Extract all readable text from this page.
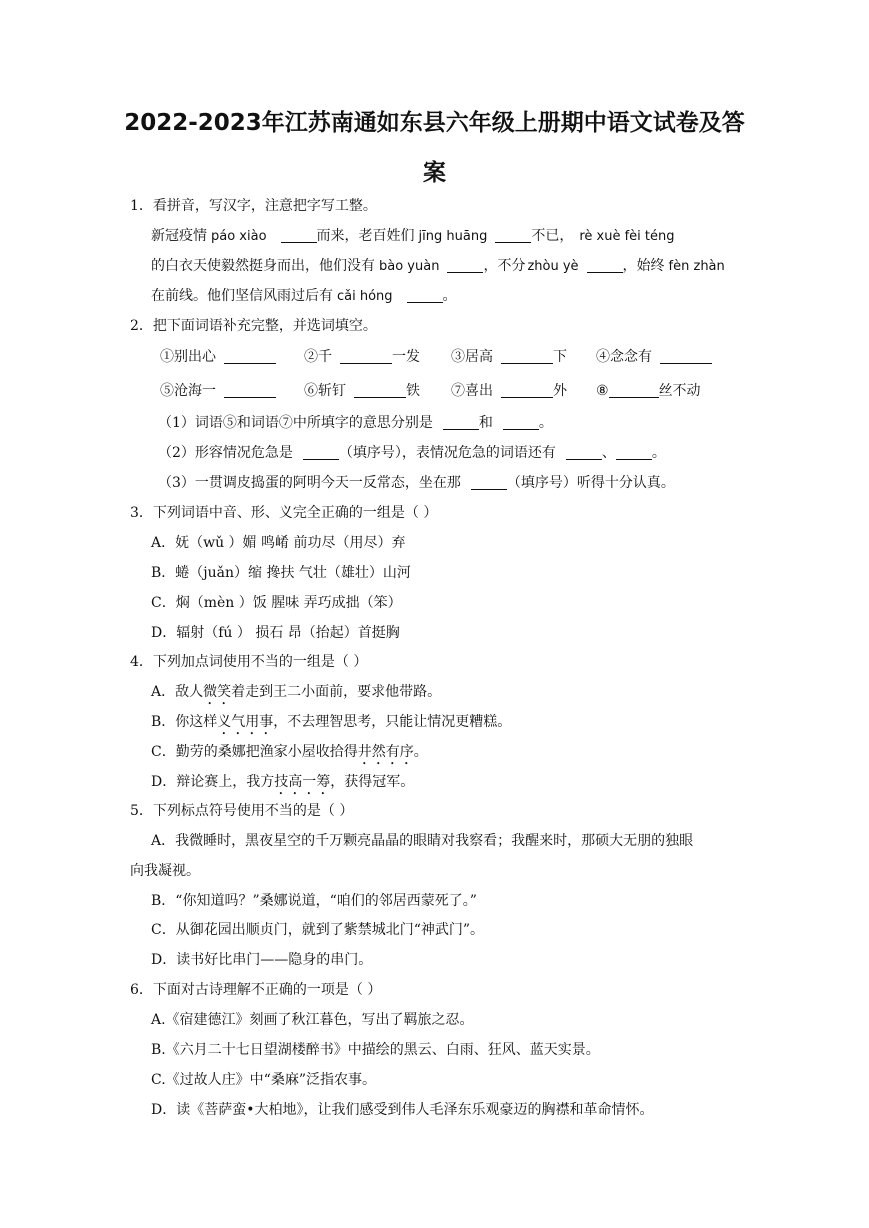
2022-2023年江苏南通如东县六年级上册期中语文试卷及答
案
1．看拼音，写汉字，注意把字写工整。
新冠疫情 páo xiào	而来，老百姓们 jīng huāng	不已， rè xuè fèi téng
的白衣天使毅然挺身而出，他们没有 bào yuàn	，不分 zhòu yè	，始终 fèn zhàn
在前线。他们坚信风雨过后有 cǎi hóng	。
2．把下面词语补充完整，并选词填空。
①别出心	②千	一发 ③居高	下 ④念念有
⑤沧海一	⑥斩钉	铁 ⑦喜出	外 ⑧	丝不动
（1）词语⑤和词语⑦中所填字的意思分别是	和	。
（2）形容情况危急是	（填序号），表情况危急的词语还有	、	。
（3）一贯调皮捣蛋的阿明今天一反常态，坐在那	（填序号）听得十分认真。
3．下列词语中音、形、义完全正确的一组是（ ）
A．妩（wǔ ）媚 鸣崤 前功尽（用尽）弃
B．蜷（juǎn）缩 搀扶 气壮（雄壮）山河
C．焖（mèn ）饭 腥味 弄巧成拙（笨）
D．辐射（fú ） 损石 昂（抬起）首挺胸
4．下列加点词使用不当的一组是（ ）
A．敌人微笑着走到王二小面前，要求他带路。
B．你这样义气用事，不去理智思考，只能让情况更糟糕。
C．勤劳的桑娜把渔家小屋收拾得井然有序。
D．辩论赛上，我方技高一筹，获得冠军。
5．下列标点符号使用不当的是（ ）
A．我微睡时，黑夜星空的千万颗亮晶晶的眼睛对我察看；我醒来时，那硕大无朋的独眼
向我凝视。
B．“你知道吗？”桑娜说道，“咱们的邻居西蒙死了。”
C．从御花园出顺贞门，就到了紫禁城北门“神武门”。
D．读书好比串门——隐身的串门。
6．下面对古诗理解不正确的一项是（ ）
A.《宿建德江》刻画了秋江暮色，写出了羁旅之忍。
B.《六月二十七日望湖楼醉书》中描绘的黑云、白雨、狂风、蓝天实景。
C.《过故人庄》中“桑麻”泛指农事。
D．读《菩萨蛮•大柏地》，让我们感受到伟人毛泽东乐观豪迈的胸襟和革命情怀。
